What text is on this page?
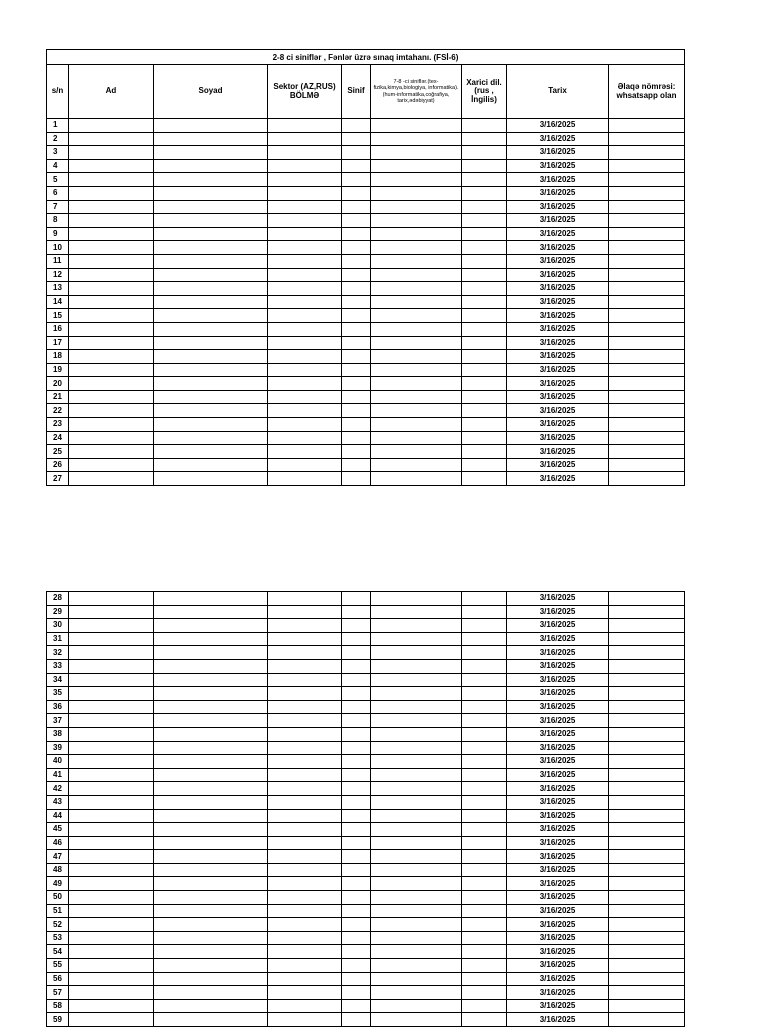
2-8 ci siniflər , Fənlər üzrə sınaq imtahanı. (FSİ-6)								
s/n	Ad	Soyad	Sektor (AZ,RUS) BÖLMƏ	Sinif	7-8 -ci siniflər.(tex-fizika,kimya,biologiya, informatika).(hum-informatika,coğrafiya, tarix,ədəbiyyat)	Xarici dil. (rus , İngilis)	Tarix	Əlaqə nömrəsi: whsatsapp olan
1							3/16/2025	
2							3/16/2025	
3							3/16/2025	
4							3/16/2025	
5							3/16/2025	
6							3/16/2025	
7							3/16/2025	
8							3/16/2025	
9							3/16/2025	
10							3/16/2025	
11							3/16/2025	
12							3/16/2025	
13							3/16/2025	
14							3/16/2025	
15							3/16/2025	
16							3/16/2025	
17							3/16/2025	
18							3/16/2025	
19							3/16/2025	
20							3/16/2025	
21							3/16/2025	
22							3/16/2025	
23							3/16/2025	
24							3/16/2025	
25							3/16/2025	
26							3/16/2025	
27							3/16/2025	
28							3/16/2025	
29							3/16/2025	
30							3/16/2025	
31							3/16/2025	
32							3/16/2025	
33							3/16/2025	
34							3/16/2025	
35							3/16/2025	
36							3/16/2025	
37							3/16/2025	
38							3/16/2025	
39							3/16/2025	
40							3/16/2025	
41							3/16/2025	
42							3/16/2025	
43							3/16/2025	
44							3/16/2025	
45							3/16/2025	
46							3/16/2025	
47							3/16/2025	
48							3/16/2025	
49							3/16/2025	
50							3/16/2025	
51							3/16/2025	
52							3/16/2025	
53							3/16/2025	
54							3/16/2025	
55							3/16/2025	
56							3/16/2025	
57							3/16/2025	
58							3/16/2025	
59							3/16/2025	
